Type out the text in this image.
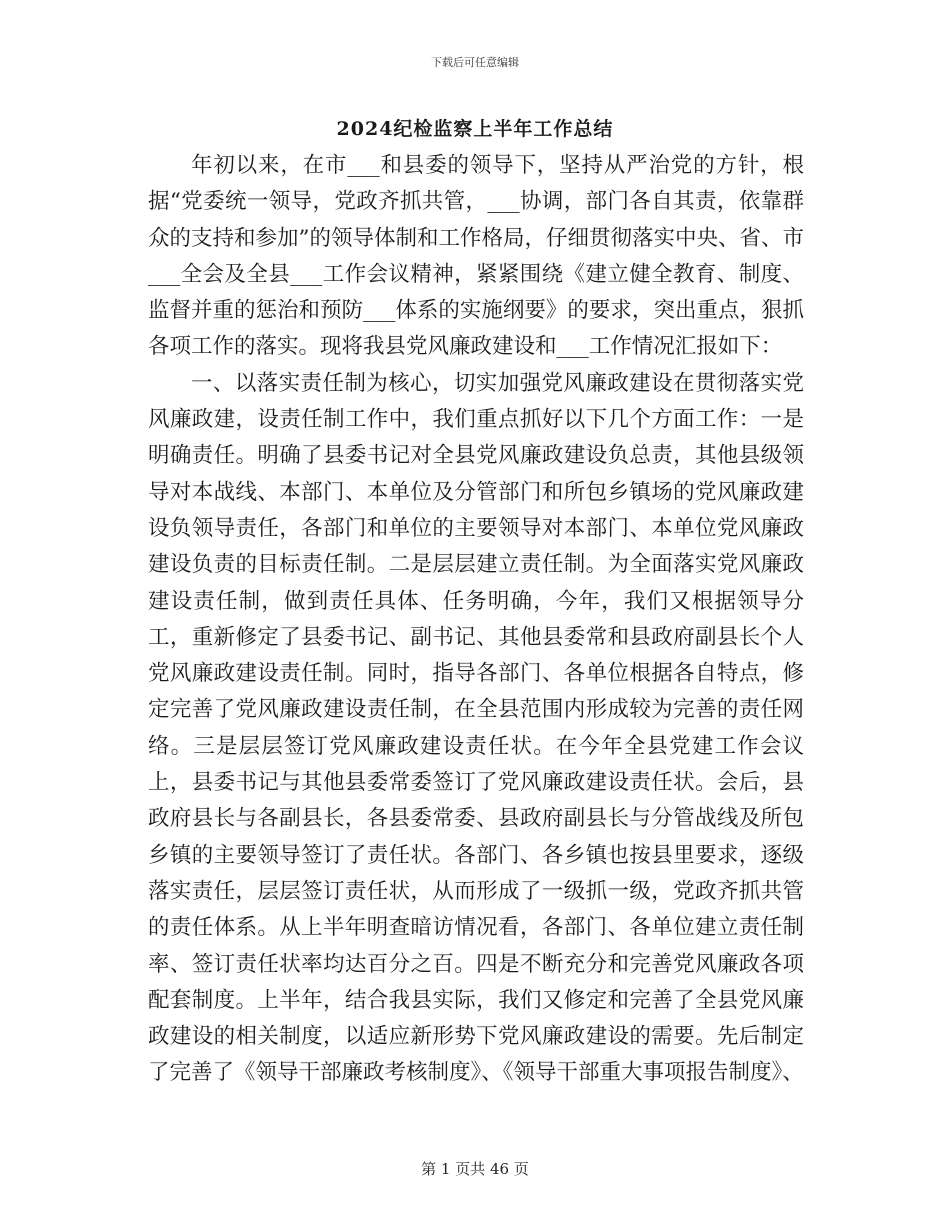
下载后可任意编辑
2024纪检监察上半年工作总结

年初以来，在市___和县委的领导下，坚持从严治党的方针，根据“党委统一领导，党政齐抓共管，___协调，部门各自其责，依靠群众的支持和参加”的领导体制和工作格局，仔细贯彻落实中央、省、市___全会及全县___工作会议精神，紧紧围绕《建立健全教育、制度、监督并重的惩治和预防___体系的实施纲要》的要求，突出重点，狠抓各项工作的落实。现将我县党风廉政建设和___工作情况汇报如下：

一、以落实责任制为核心，切实加强党风廉政建设在贯彻落实党风廉政建，设责任制工作中，我们重点抓好以下几个方面工作：一是明确责任。明确了县委书记对全县党风廉政建设负总责，其他县级领导对本战线、本部门、本单位及分管部门和所包乡镇场的党风廉政建设负领导责任，各部门和单位的主要领导对本部门、本单位党风廉政建设负责的目标责任制。二是层层建立责任制。为全面落实党风廉政建设责任制，做到责任具体、任务明确，今年，我们又根据领导分工，重新修定了县委书记、副书记、其他县委常和县政府副县长个人党风廉政建设责任制。同时，指导各部门、各单位根据各自特点，修定完善了党风廉政建设责任制，在全县范围内形成较为完善的责任网络。三是层层签订党风廉政建设责任状。在今年全县党建工作会议上，县委书记与其他县委常委签订了党风廉政建设责任状。会后，县政府县长与各副县长，各县委常委、县政府副县长与分管战线及所包乡镇的主要领导签订了责任状。各部门、各乡镇也按县里要求，逐级落实责任，层层签订责任状，从而形成了一级抓一级，党政齐抓共管的责任体系。从上半年明查暗访情况看，各部门、各单位建立责任制率、签订责任状率均达百分之百。四是不断充分和完善党风廉政各项配套制度。上半年，结合我县实际，我们又修定和完善了全县党风廉政建设的相关制度，以适应新形势下党风廉政建设的需要。先后制定了完善了《领导干部廉政考核制度》、《领导干部重大事项报告制度》、

第 1 页共 46 页
